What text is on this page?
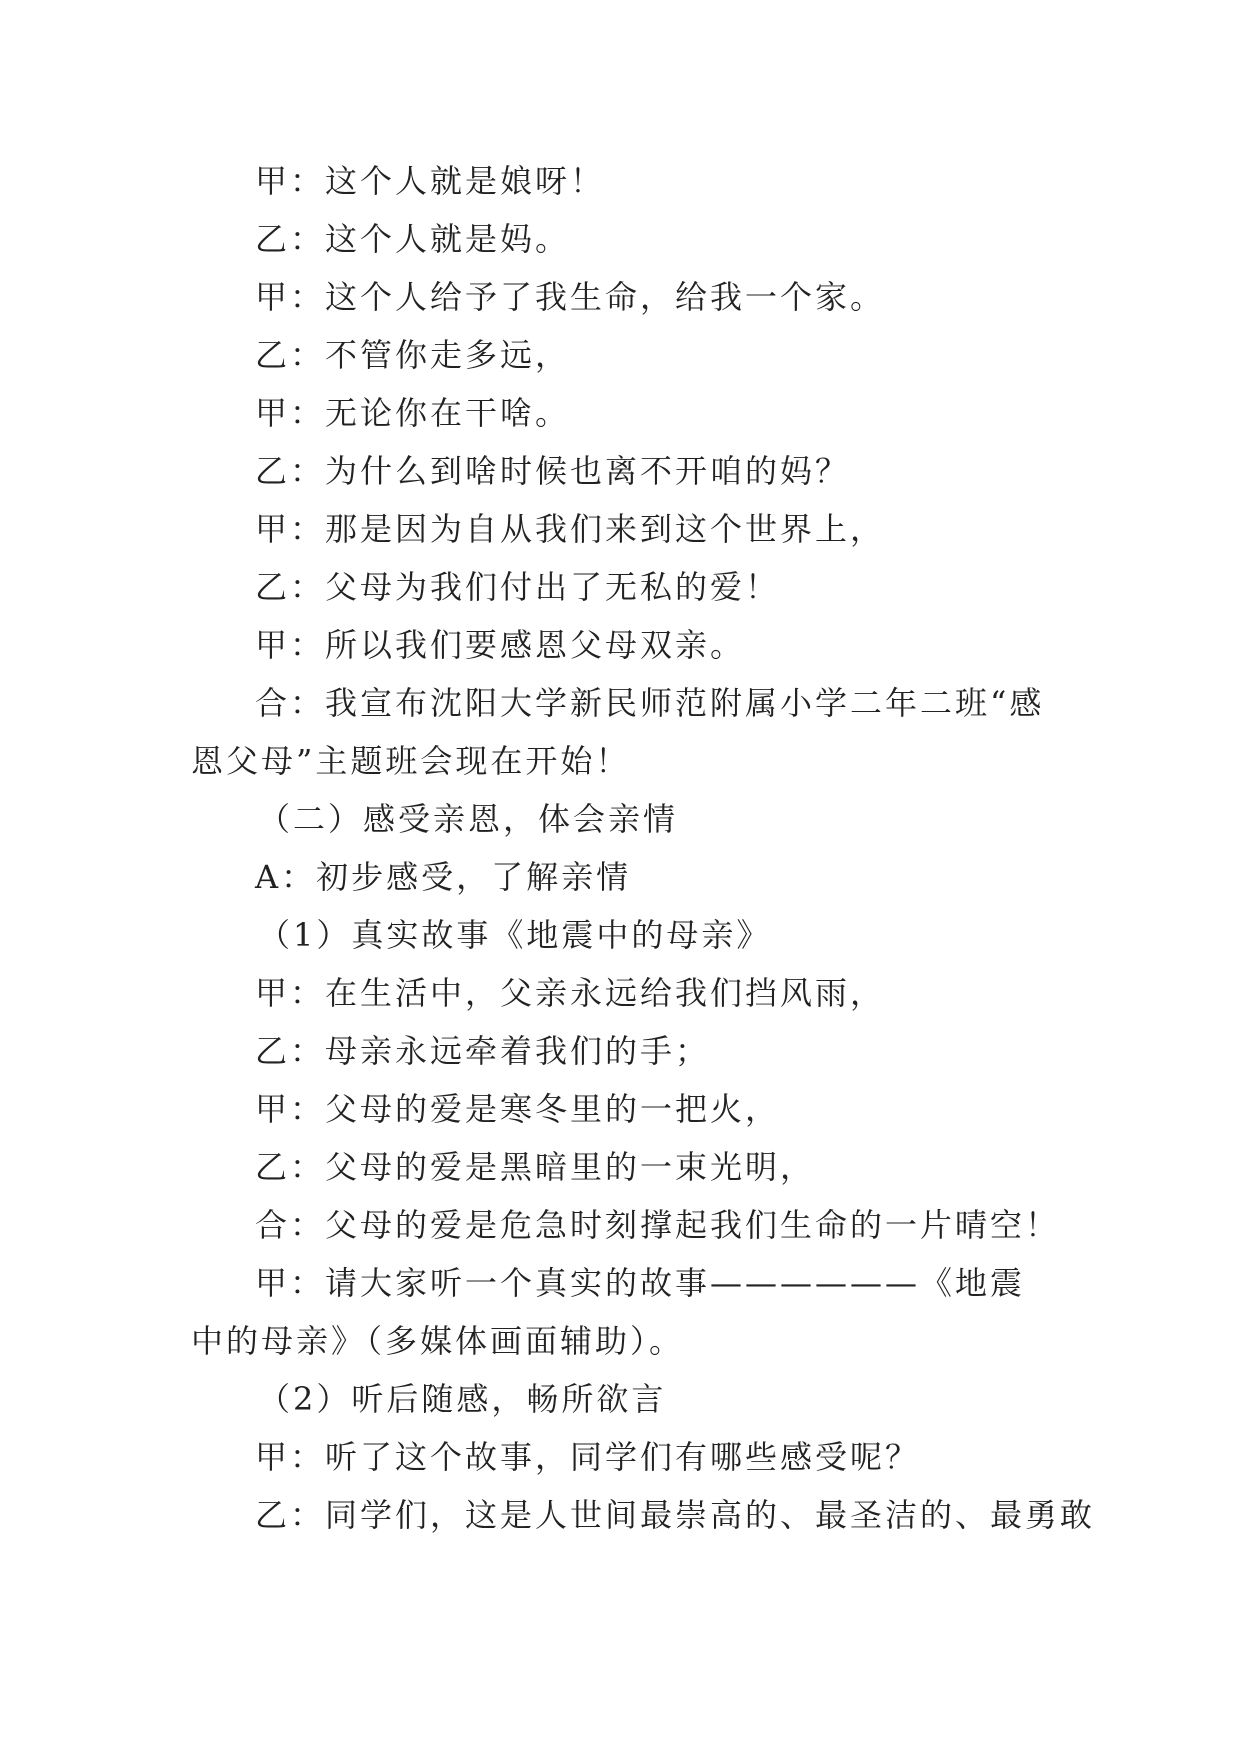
甲：这个人就是娘呀！

乙：这个人就是妈。

甲：这个人给予了我生命，给我一个家。

乙：不管你走多远，

甲：无论你在干啥。

乙：为什么到啥时候也离不开咱的妈？

甲：那是因为自从我们来到这个世界上，

乙：父母为我们付出了无私的爱！

甲：所以我们要感恩父母双亲。

合：我宣布沈阳大学新民师范附属小学二年二班“感恩父母”主题班会现在开始！

（二）感受亲恩，体会亲情

A：初步感受，了解亲情

（1）真实故事《地震中的母亲》

甲：在生活中，父亲永远给我们挡风雨，

乙：母亲永远牵着我们的手；

甲：父母的爱是寒冬里的一把火，

乙：父母的爱是黑暗里的一束光明，

合：父母的爱是危急时刻撑起我们生命的一片晴空！

甲：请大家听一个真实的故事——————《地震中的母亲》（多媒体画面辅助）。

（2）听后随感，畅所欲言

甲：听了这个故事，同学们有哪些感受呢？

乙：同学们，这是人世间最崇高的、最圣洁的、最勇敢
